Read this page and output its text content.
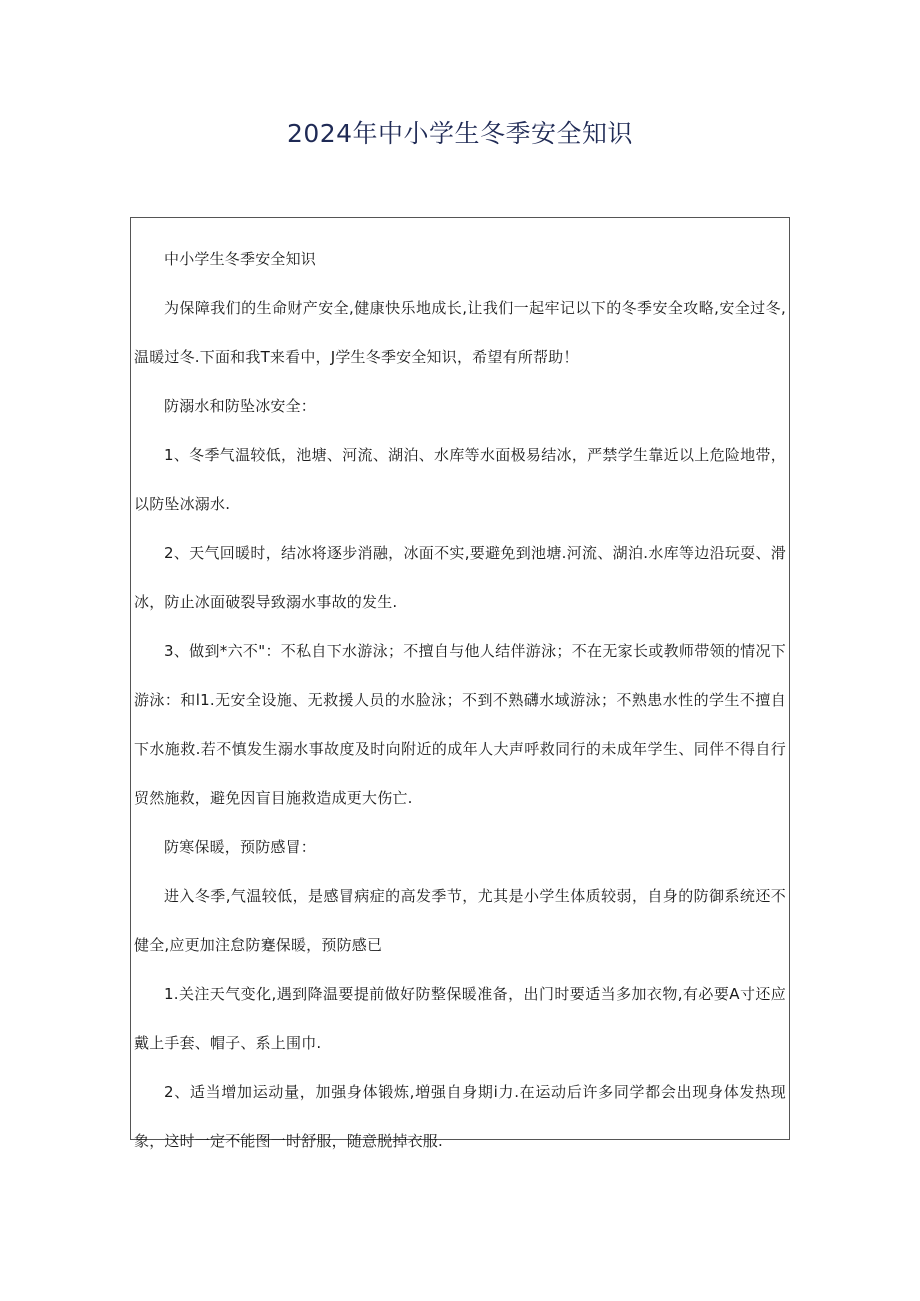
2024年中小学生冬季安全知识

中小学生冬季安全知识

为保障我们的生命财产安全,健康快乐地成长,让我们一起牢记以下的冬季安全攻略,安全过冬,温暖过冬.下面和我T来看中，J学生冬季安全知识，希望有所帮助！

防溺水和防坠冰安全：

1、冬季气温较低，池塘、河流、湖泊、水库等水面极易结冰，严禁学生靠近以上危险地带，以防坠冰溺水.

2、天气回暖时，结冰将逐步消融，冰面不实,要避免到池塘.河流、湖泊.水库等边沿玩耍、滑冰，防止冰面破裂导致溺水事故的发生.

3、做到*六不"：不私自下水游泳；不擅自与他人结伴游泳；不在无家长或教师带领的情况下游泳：和l1.无安全设施、无救援人员的水脸泳；不到不熟礴水域游泳；不熟患水性的学生不擅自下水施救.若不慎发生溺水事故度及时向附近的成年人大声呼救同行的未成年学生、同伴不得自行贸然施救，避免因盲目施救造成更大伤亡.

防寒保暖，预防感冒：

进入冬季,气温较低，是感冒病症的高发季节，尤其是小学生体质较弱，自身的防御系统还不健全,应更加注怠防蹇保暖，预防感已

1.关注天气变化,遇到降温要提前做好防整保暖准备，出门时要适当多加衣物,有必要A寸还应戴上手套、帽子、系上围巾.

2、适当增加运动量，加强身体锻炼,増强自身期i力.在运动后许多同学都会出现身体发热现象，这时一定不能图一时舒服，随意脱掉衣服.
